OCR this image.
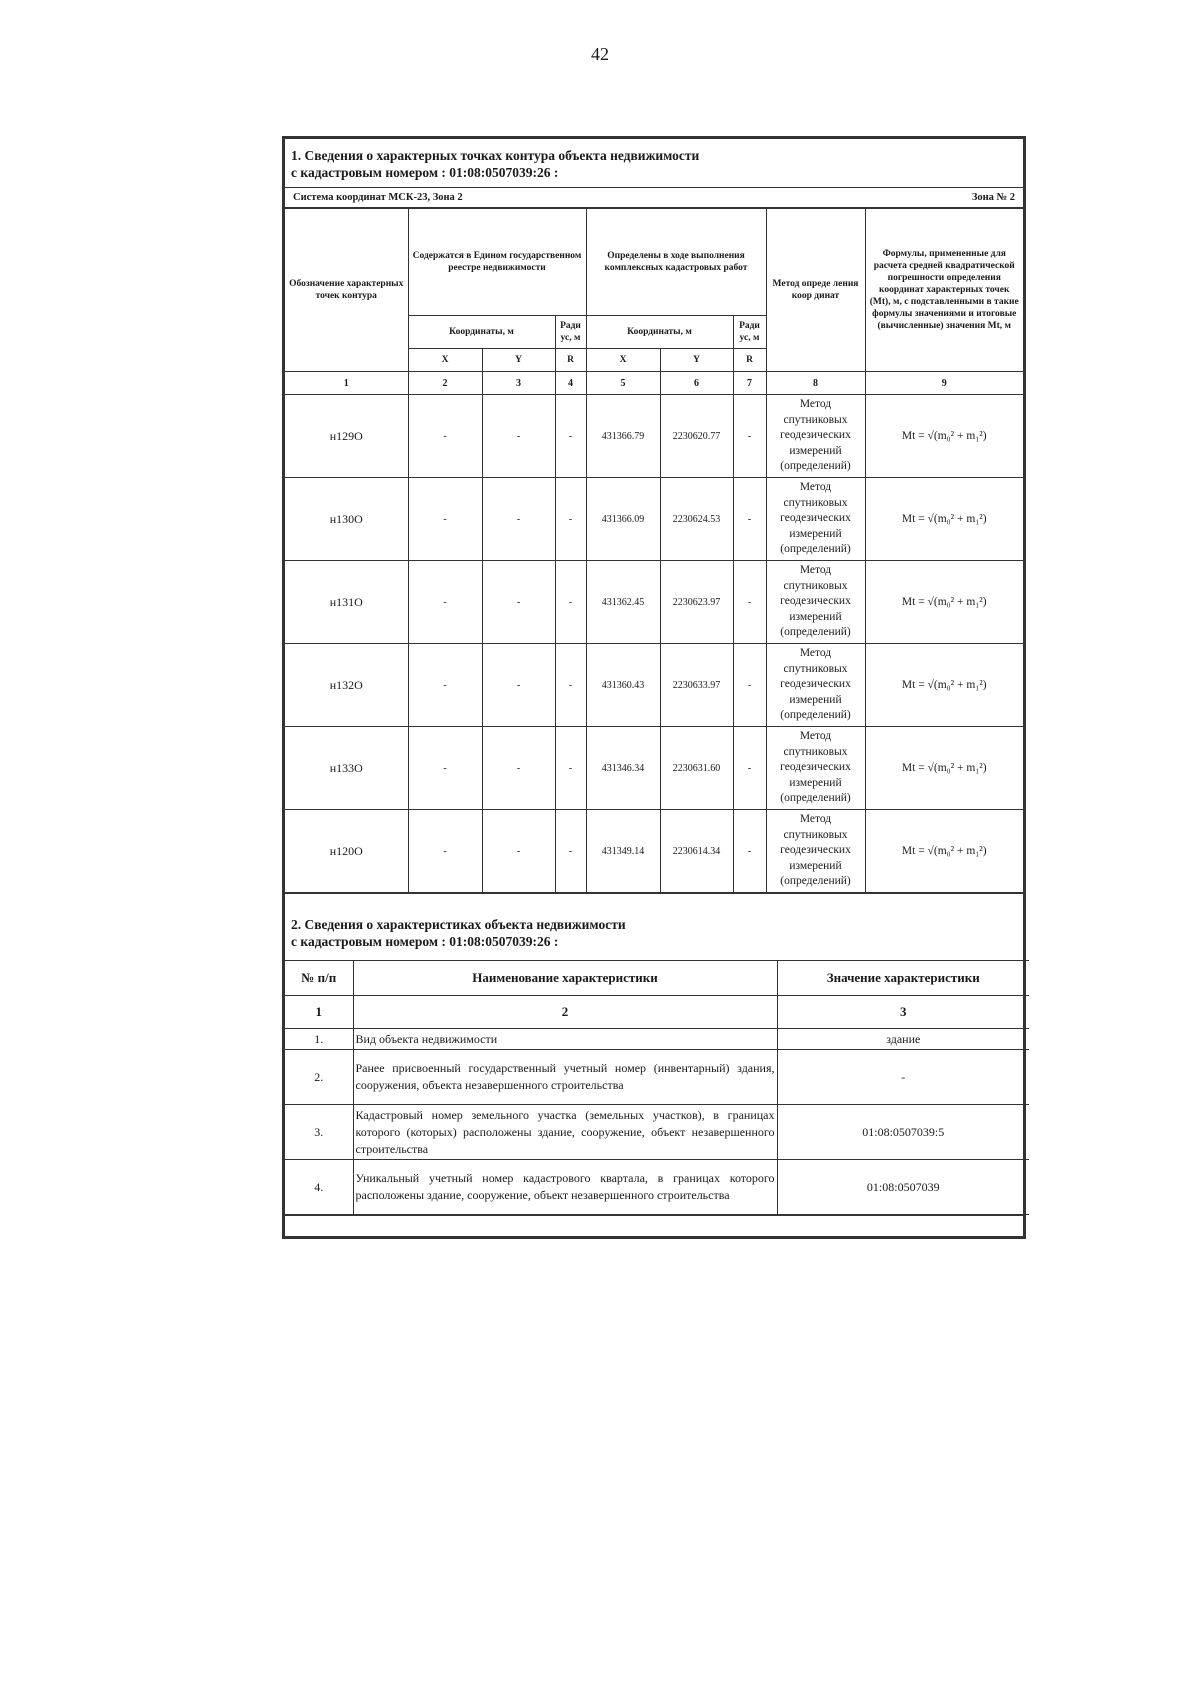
42
1. Сведения о характерных точках контура объекта недвижимости
с кадастровым номером : 01:08:0507039:26 :
Система координат МСК-23, Зона 2	Зона № 2
Обозначение характерных точек контура	Содержатся в Едином государственном реестре недвижимости			Определены в ходе выполнения комплексных кадастровых работ			Метод опреде ления коор динат	Формулы, примененные для расчета средней квадратической погрешности определения координат характерных точек (Mt), м, с подставленными в такие формулы значениями и итоговые (вычисленные) значения Mt, м
	Координаты, м		Ради ус, м	Координаты, м		Ради ус, м		
	X	Y	R	X	Y	R		
1	2	3	4	5	6	7	8	9
н129О	-	-	-	431366.79	2230620.77	-	Метод спутниковых геодезических измерений (определений)	Mt = √(m₀² + m₁²)
н130О	-	-	-	431366.09	2230624.53	-	Метод спутниковых геодезических измерений (определений)	Mt = √(m₀² + m₁²)
н131О	-	-	-	431362.45	2230623.97	-	Метод спутниковых геодезических измерений (определений)	Mt = √(m₀² + m₁²)
н132О	-	-	-	431360.43	2230633.97	-	Метод спутниковых геодезических измерений (определений)	Mt = √(m₀² + m₁²)
н133О	-	-	-	431346.34	2230631.60	-	Метод спутниковых геодезических измерений (определений)	Mt = √(m₀² + m₁²)
н120О	-	-	-	431349.14	2230614.34	-	Метод спутниковых геодезических измерений (определений)	Mt = √(m₀² + m₁²)
2. Сведения о характеристиках объекта недвижимости
с кадастровым номером : 01:08:0507039:26 :
№ п/п	Наименование характеристики	Значение характеристики
1	2	3
1.	Вид объекта недвижимости	здание
2.	Ранее присвоенный государственный учетный номер (инвентарный) здания, сооружения, объекта незавершенного строительства	-
3.	Кадастровый номер земельного участка (земельных участков), в границах которого (которых) расположены здание, сооружение, объект незавершенного строительства	01:08:0507039:5
4.	Уникальный учетный номер кадастрового квартала, в границах которого расположены здание, сооружение, объект незавершенного строительства	01:08:0507039
